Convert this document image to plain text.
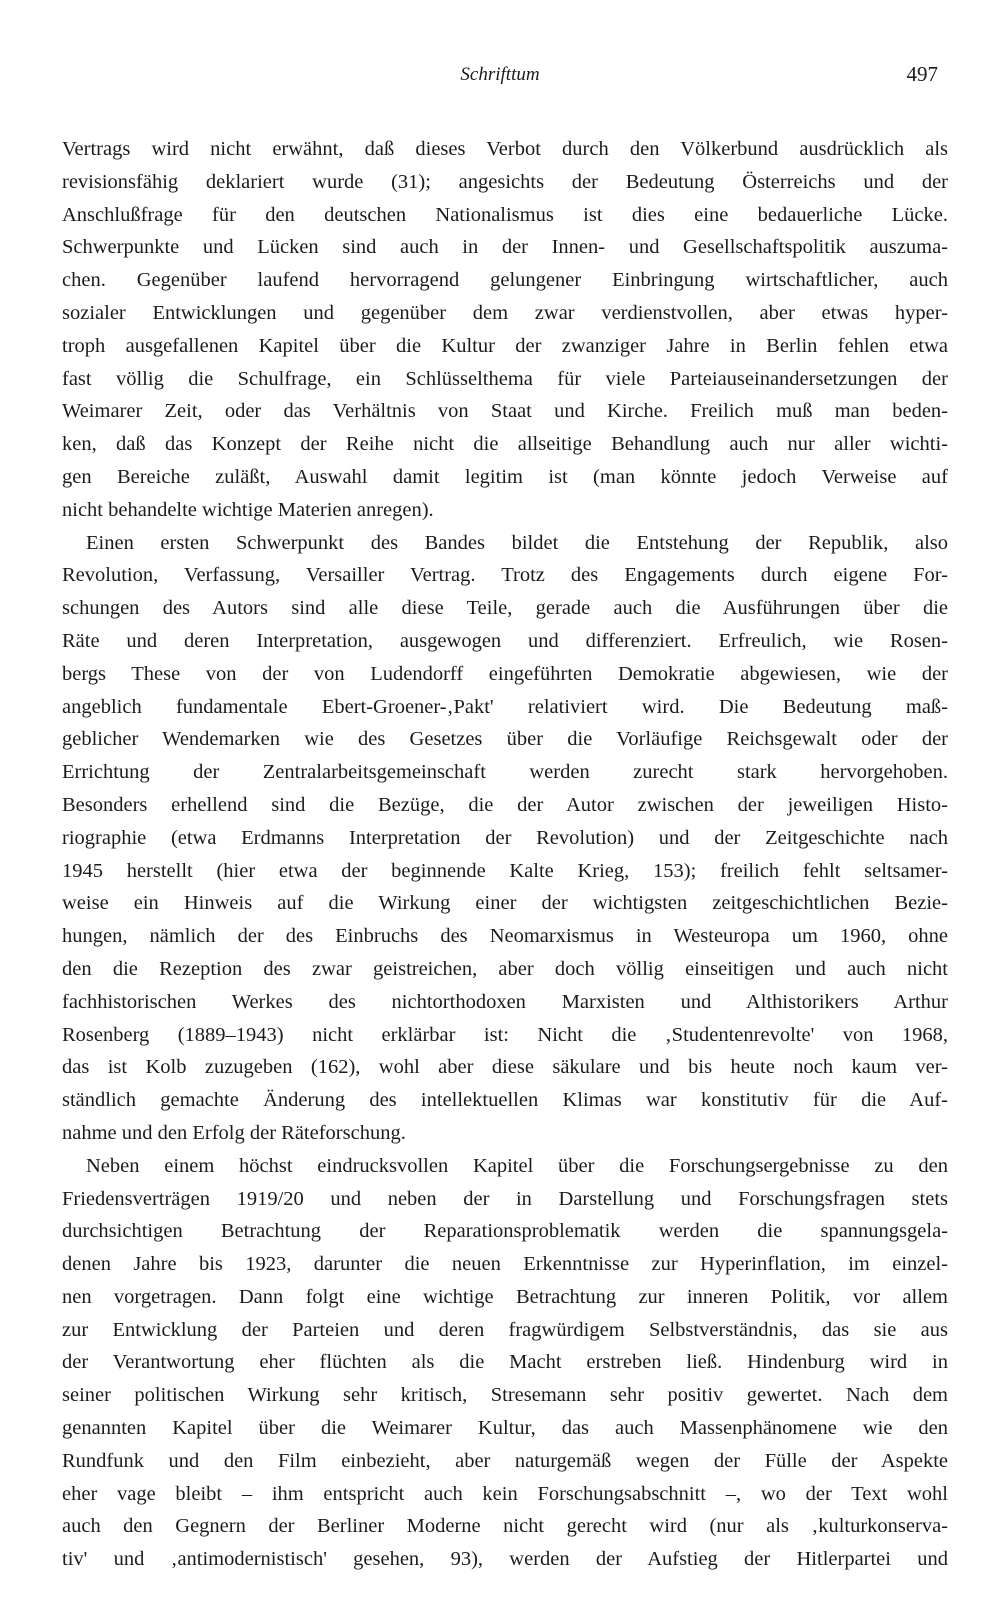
Schrifttum	497
Vertrags wird nicht erwähnt, daß dieses Verbot durch den Völkerbund ausdrücklich als
revisionsfähig deklariert wurde (31); angesichts der Bedeutung Österreichs und der
Anschlußfrage für den deutschen Nationalismus ist dies eine bedauerliche Lücke.
Schwerpunkte und Lücken sind auch in der Innen- und Gesellschaftspolitik auszuma-
chen. Gegenüber laufend hervorragend gelungener Einbringung wirtschaftlicher, auch
sozialer Entwicklungen und gegenüber dem zwar verdienstvollen, aber etwas hyper-
troph ausgefallenen Kapitel über die Kultur der zwanziger Jahre in Berlin fehlen etwa
fast völlig die Schulfrage, ein Schlüsselthema für viele Parteiauseinandersetzungen der
Weimarer Zeit, oder das Verhältnis von Staat und Kirche. Freilich muß man beden-
ken, daß das Konzept der Reihe nicht die allseitige Behandlung auch nur aller wichti-
gen Bereiche zuläßt, Auswahl damit legitim ist (man könnte jedoch Verweise auf
nicht behandelte wichtige Materien anregen).
Einen ersten Schwerpunkt des Bandes bildet die Entstehung der Republik, also
Revolution, Verfassung, Versailler Vertrag. Trotz des Engagements durch eigene For-
schungen des Autors sind alle diese Teile, gerade auch die Ausführungen über die
Räte und deren Interpretation, ausgewogen und differenziert. Erfreulich, wie Rosen-
bergs These von der von Ludendorff eingeführten Demokratie abgewiesen, wie der
angeblich fundamentale Ebert-Groener-‚Pakt' relativiert wird. Die Bedeutung maß-
geblicher Wendemarken wie des Gesetzes über die Vorläufige Reichsgewalt oder der
Errichtung der Zentralarbeitsgemeinschaft werden zurecht stark hervorgehoben.
Besonders erhellend sind die Bezüge, die der Autor zwischen der jeweiligen Histo-
riographie (etwa Erdmanns Interpretation der Revolution) und der Zeitgeschichte nach
1945 herstellt (hier etwa der beginnende Kalte Krieg, 153); freilich fehlt seltsamer-
weise ein Hinweis auf die Wirkung einer der wichtigsten zeitgeschichtlichen Bezie-
hungen, nämlich der des Einbruchs des Neomarxismus in Westeuropa um 1960, ohne
den die Rezeption des zwar geistreichen, aber doch völlig einseitigen und auch nicht
fachhistorischen Werkes des nichtorthodoxen Marxisten und Althistorikers Arthur
Rosenberg (1889–1943) nicht erklärbar ist: Nicht die ‚Studentenrevolte' von 1968,
das ist Kolb zuzugeben (162), wohl aber diese säkulare und bis heute noch kaum ver-
ständlich gemachte Änderung des intellektuellen Klimas war konstitutiv für die Auf-
nahme und den Erfolg der Räteforschung.
Neben einem höchst eindrucksvollen Kapitel über die Forschungsergebnisse zu den
Friedensverträgen 1919/20 und neben der in Darstellung und Forschungsfragen stets
durchsichtigen Betrachtung der Reparationsproblematik werden die spannungsgela-
denen Jahre bis 1923, darunter die neuen Erkenntnisse zur Hyperinflation, im einzel-
nen vorgetragen. Dann folgt eine wichtige Betrachtung zur inneren Politik, vor allem
zur Entwicklung der Parteien und deren fragwürdigem Selbstverständnis, das sie aus
der Verantwortung eher flüchten als die Macht erstreben ließ. Hindenburg wird in
seiner politischen Wirkung sehr kritisch, Stresemann sehr positiv gewertet. Nach dem
genannten Kapitel über die Weimarer Kultur, das auch Massenphänomene wie den
Rundfunk und den Film einbezieht, aber naturgemäß wegen der Fülle der Aspekte
eher vage bleibt – ihm entspricht auch kein Forschungsabschnitt –, wo der Text wohl
auch den Gegnern der Berliner Moderne nicht gerecht wird (nur als ‚kulturkonserva-
tiv' und ‚antimodernistisch' gesehen, 93), werden der Aufstieg der Hitlerpartei und
